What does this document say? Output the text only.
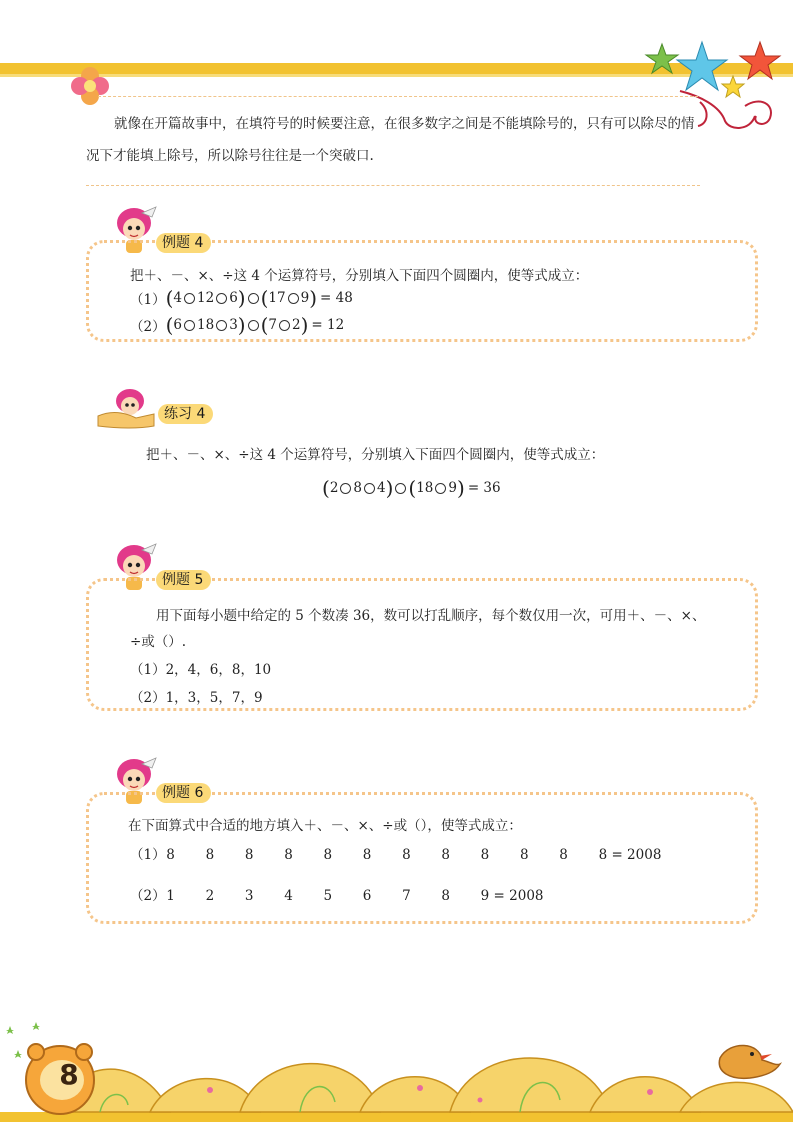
就像在开篇故事中，在填符号的时候要注意，在很多数字之间是不能填除号的，只有可以除尽的情
况下才能填上除号，所以除号往往是一个突破口.
例题 4
把＋、－、×、÷这 4 个运算符号，分别填入下面四个圆圈内，使等式成立：
（1） ( 4 12 6 ) ( 17 9 ) = 48
（2） ( 6 18 3 ) ( 7 2 ) = 12
练习 4
把＋、－、×、÷这 4 个运算符号，分别填入下面四个圆圈内，使等式成立：
( 2 8 4 ) ( 18 9 ) = 36
例题 5
用下面每小题中给定的 5 个数凑 36，数可以打乱顺序，每个数仅用一次，可用＋、－、×、
÷或（）.
（1）2，4，6，8，10
（2）1，3，5，7，9
例题 6
在下面算式中合适的地方填入＋、－、×、÷或（），使等式成立：
（1） 8 8 8 8 8 8 8 8 8 8 8 8 = 2008
（2） 1 2 3 4 5 6 7 8 9 = 2008
8
